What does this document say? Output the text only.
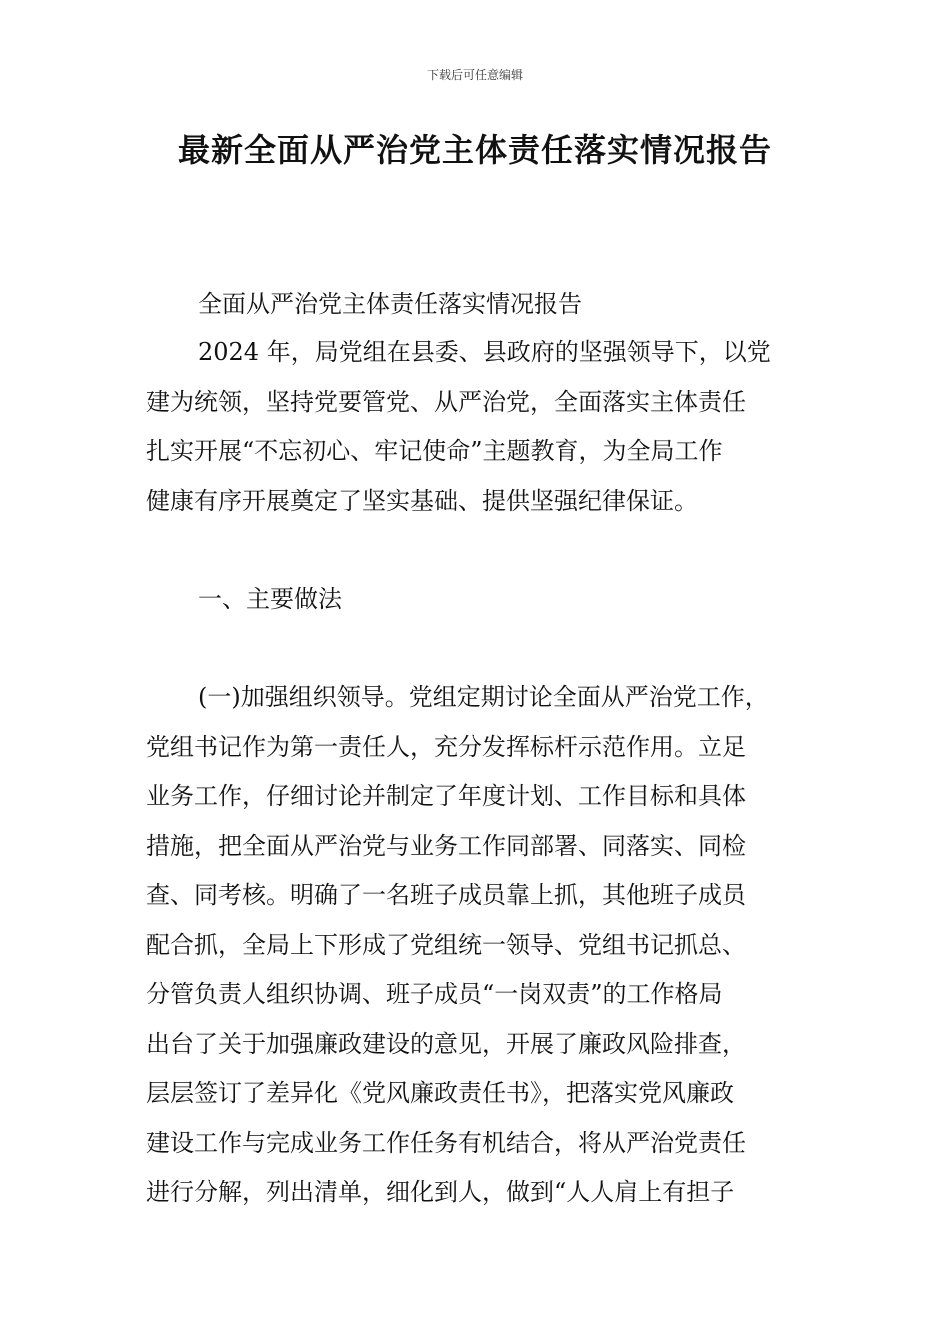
下载后可任意编辑
最新全面从严治党主体责任落实情况报告
全面从严治党主体责任落实情况报告
2024 年，局党组在县委、县政府的坚强领导下，以党
建为统领，坚持党要管党、从严治党，全面落实主体责任
扎实开展“不忘初心、牢记使命”主题教育，为全局工作
健康有序开展奠定了坚实基础、提供坚强纪律保证。
一、主要做法
(一)加强组织领导。党组定期讨论全面从严治党工作，
党组书记作为第一责任人，充分发挥标杆示范作用。立足
业务工作，仔细讨论并制定了年度计划、工作目标和具体
措施，把全面从严治党与业务工作同部署、同落实、同检
查、同考核。明确了一名班子成员靠上抓，其他班子成员
配合抓，全局上下形成了党组统一领导、党组书记抓总、
分管负责人组织协调、班子成员“一岗双责”的工作格局
出台了关于加强廉政建设的意见，开展了廉政风险排查，
层层签订了差异化《党风廉政责任书》，把落实党风廉政
建设工作与完成业务工作任务有机结合，将从严治党责任
进行分解，列出清单，细化到人，做到“人人肩上有担子
